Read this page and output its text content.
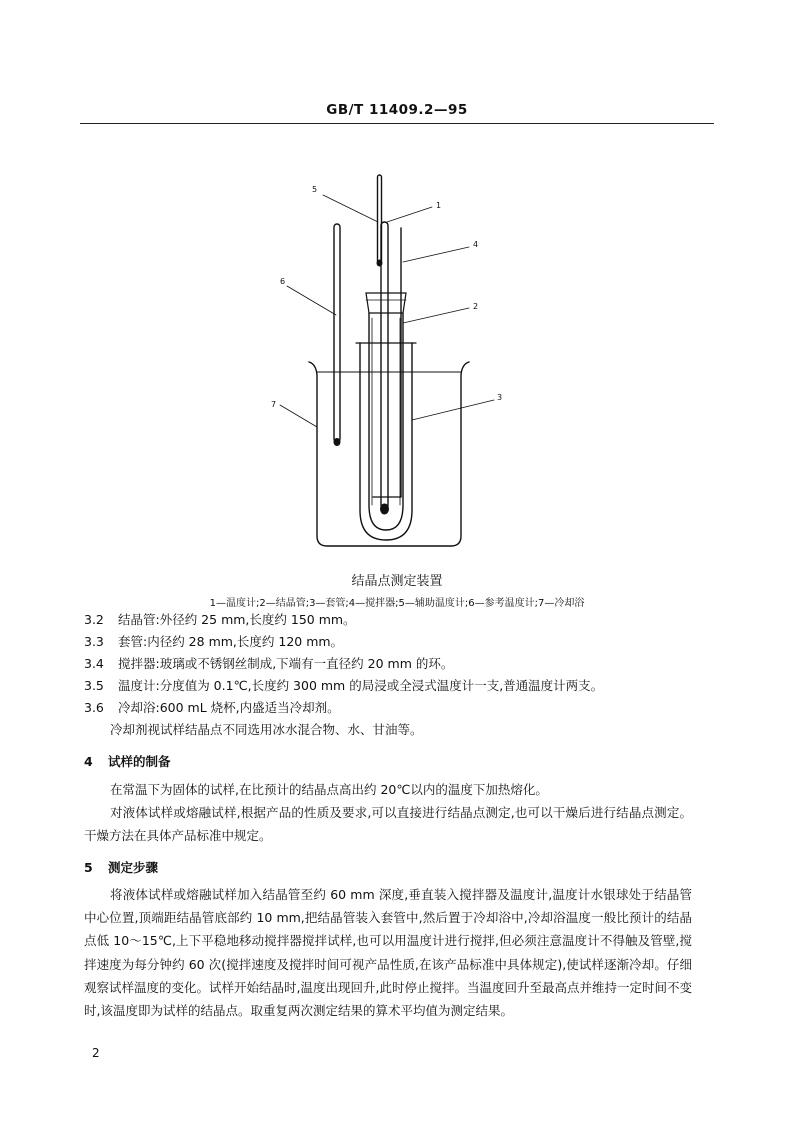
GB/T 11409.2—95
5
1
4
6
2
3
7
结晶点测定装置
1—温度计;2—结晶管;3—套管;4—搅拌器;5—辅助温度计;6—参考温度计;7—冷却浴
3.2 结晶管:外径约 25 mm,长度约 150 mm。
3.3 套管:内径约 28 mm,长度约 120 mm。
3.4 搅拌器:玻璃或不锈钢丝制成,下端有一直径约 20 mm 的环。
3.5 温度计:分度值为 0.1℃,长度约 300 mm 的局浸或全浸式温度计一支,普通温度计两支。
3.6 冷却浴:600 mL 烧杯,内盛适当冷却剂。
冷却剂视试样结晶点不同选用冰水混合物、水、甘油等。
4 试样的制备

在常温下为固体的试样,在比预计的结晶点高出约 20℃以内的温度下加热熔化。

对液体试样或熔融试样,根据产品的性质及要求,可以直接进行结晶点测定,也可以干燥后进行结晶点测定。干燥方法在具体产品标准中规定。

5 测定步骤

将液体试样或熔融试样加入结晶管至约 60 mm 深度,垂直装入搅拌器及温度计,温度计水银球处于结晶管中心位置,顶端距结晶管底部约 10 mm,把结晶管装入套管中,然后置于冷却浴中,冷却浴温度一般比预计的结晶点低 10～15℃,上下平稳地移动搅拌器搅拌试样,也可以用温度计进行搅拌,但必须注意温度计不得触及管壁,搅拌速度为每分钟约 60 次(搅拌速度及搅拌时间可视产品性质,在该产品标准中具体规定),使试样逐渐冷却。仔细观察试样温度的变化。试样开始结晶时,温度出现回升,此时停止搅拌。当温度回升至最高点并维持一定时间不变时,该温度即为试样的结晶点。取重复两次测定结果的算术平均值为测定结果。

2
